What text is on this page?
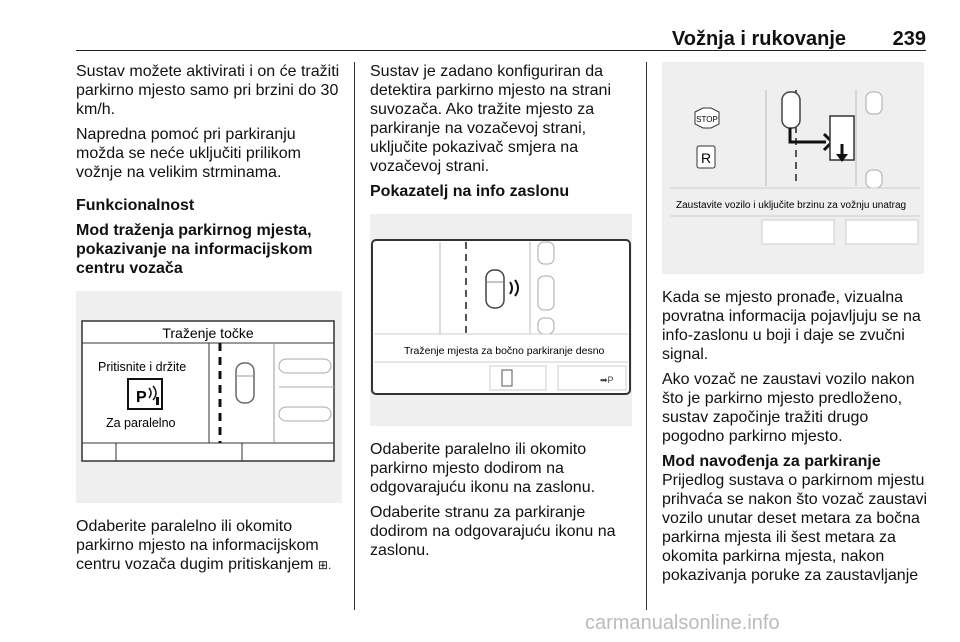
Vožnja i rukovanje 239

Sustav možete aktivirati i on će tražiti parkirno mjesto samo pri brzini do 30 km/h.

Napredna pomoć pri parkiranju možda se neće uključiti prilikom vožnje na velikim strminama.

Funkcionalnost
Mod traženja parkirnog mjesta, pokazivanje na informacijskom centru vozača
Traženje točke
Pritisnite i držite
Za paralelno
P

Odaberite paralelno ili okomito parkirno mjesto na informacijskom centru vozača dugim pritiskanjem ⊞.

Sustav je zadano konfiguriran da detektira parkirno mjesto na strani suvozača. Ako tražite mjesto za parkiranje na vozačevoj strani, uključite pokazivač smjera na vozačevoj strani.

Pokazatelj na info zaslonu
Traženje mjesta za bočno parkiranje desno
➡P

Odaberite paralelno ili okomito parkirno mjesto dodirom na odgovarajuću ikonu na zaslonu.

Odaberite stranu za parkiranje dodirom na odgovarajuću ikonu na zaslonu.

STOP
R
Zaustavite vozilo i uključite brzinu za vožnju unatrag

Kada se mjesto pronađe, vizualna povratna informacija pojavljuju se na info-zaslonu u boji i daje se zvučni signal.

Ako vozač ne zaustavi vozilo nakon što je parkirno mjesto predloženo, sustav započinje tražiti drugo pogodno parkirno mjesto.

Mod navođenja za parkiranje

Prijedlog sustava o parkirnom mjestu prihvaća se nakon što vozač zaustavi vozilo unutar deset metara za bočna parkirna mjesta ili šest metara za okomita parkirna mjesta, nakon pokazivanja poruke za zaustavljanje

carmanualsonline.info
